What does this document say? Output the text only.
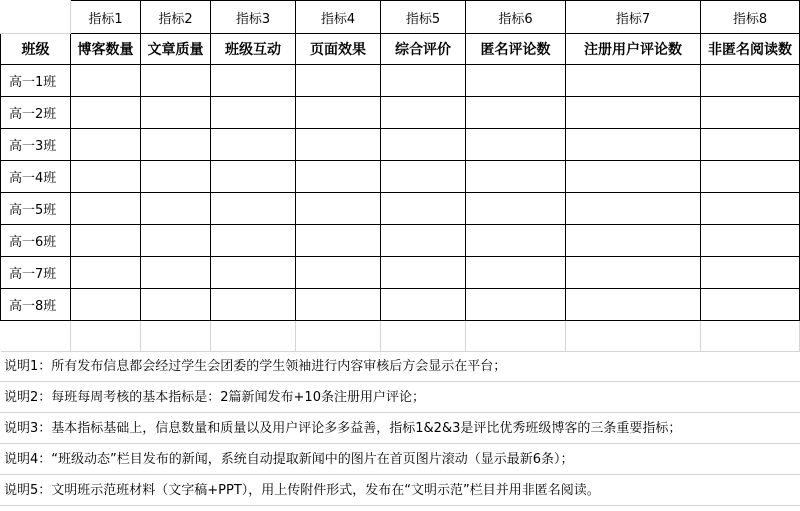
	指标1	指标2	指标3	指标4	指标5	指标6	指标7	指标8
班级	博客数量	文章质量	班级互动	页面效果	综合评价	匿名评论数	注册用户评论数	非匿名阅读数
高一1班								
高一2班								
高一3班								
高一4班								
高一5班								
高一6班								
高一7班								
高一8班								

说明1：所有发布信息都会经过学生会团委的学生领袖进行内容审核后方会显示在平台；
说明2：每班每周考核的基本指标是：2篇新闻发布+10条注册用户评论；
说明3：基本指标基础上，信息数量和质量以及用户评论多多益善，指标1&2&3是评比优秀班级博客的三条重要指标；
说明4：“班级动态”栏目发布的新闻，系统自动提取新闻中的图片在首页图片滚动（显示最新6条）；
说明5：文明班示范班材料（文字稿+PPT），用上传附件形式，发布在“文明示范”栏目并用非匿名阅读。
